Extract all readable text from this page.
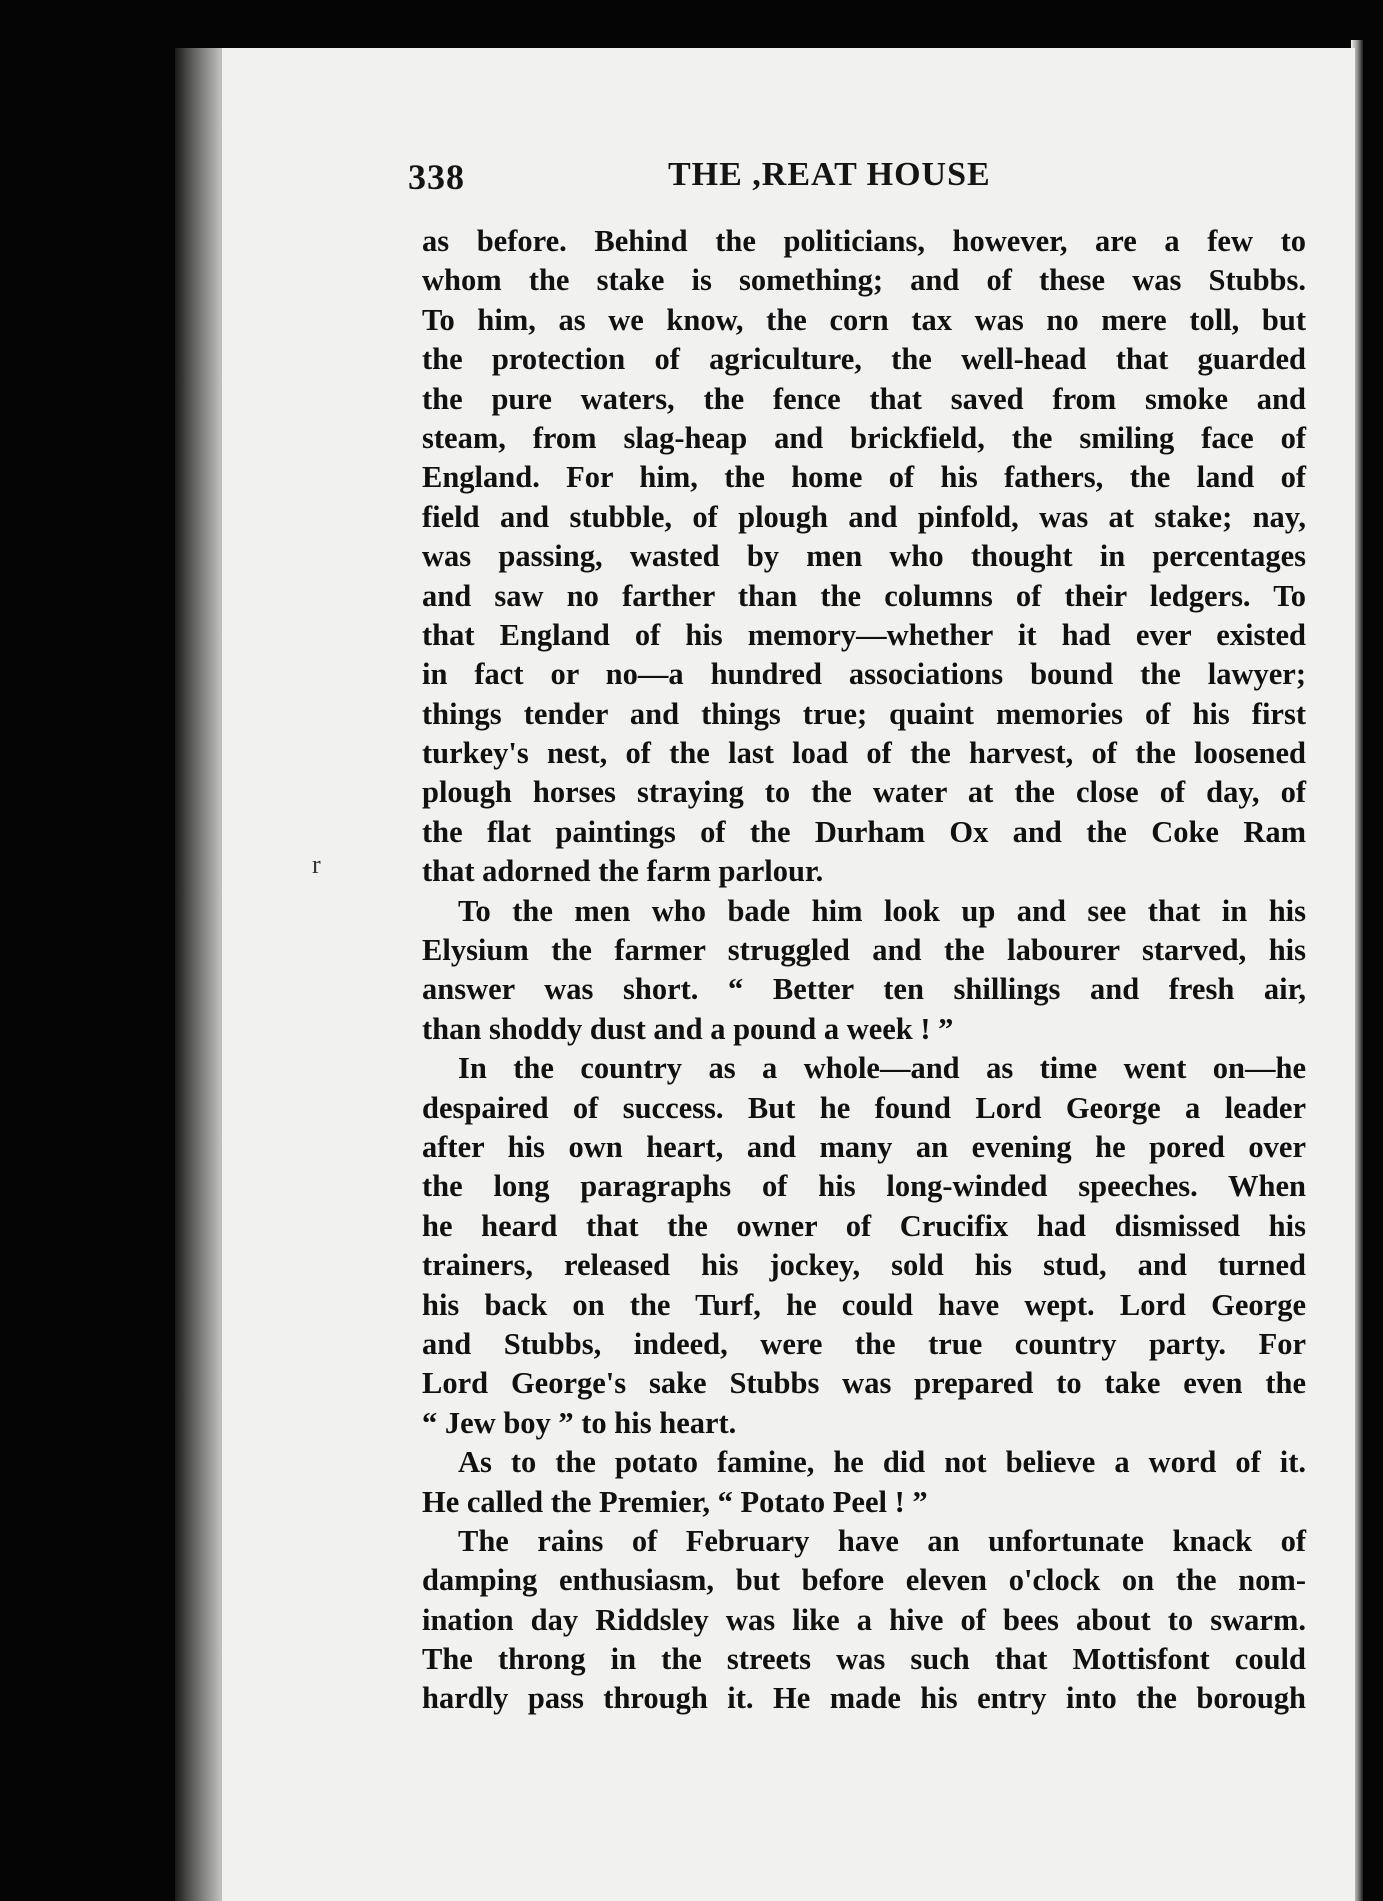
338	THE ,REAT HOUSE
r
as before. Behind the politicians, however, are a few to
whom the stake is something; and of these was Stubbs.
To him, as we know, the corn tax was no mere toll, but
the protection of agriculture, the well-head that guarded
the pure waters, the fence that saved from smoke and
steam, from slag-heap and brickfield, the smiling face of
England. For him, the home of his fathers, the land of
field and stubble, of plough and pinfold, was at stake; nay,
was passing, wasted by men who thought in percentages
and saw no farther than the columns of their ledgers. To
that England of his memory—whether it had ever existed
in fact or no—a hundred associations bound the lawyer;
things tender and things true; quaint memories of his first
turkey's nest, of the last load of the harvest, of the loosened
plough horses straying to the water at the close of day, of
the flat paintings of the Durham Ox and the Coke Ram
that adorned the farm parlour.
To the men who bade him look up and see that in his
Elysium the farmer struggled and the labourer starved, his
answer was short. “ Better ten shillings and fresh air,
than shoddy dust and a pound a week ! ”
In the country as a whole—and as time went on—he
despaired of success. But he found Lord George a leader
after his own heart, and many an evening he pored over
the long paragraphs of his long-winded speeches. When
he heard that the owner of Crucifix had dismissed his
trainers, released his jockey, sold his stud, and turned
his back on the Turf, he could have wept. Lord George
and Stubbs, indeed, were the true country party. For
Lord George's sake Stubbs was prepared to take even the
“ Jew boy ” to his heart.
As to the potato famine, he did not believe a word of it.
He called the Premier, “ Potato Peel ! ”
The rains of February have an unfortunate knack of
damping enthusiasm, but before eleven o'clock on the nom-
ination day Riddsley was like a hive of bees about to swarm.
The throng in the streets was such that Mottisfont could
hardly pass through it. He made his entry into the borough
